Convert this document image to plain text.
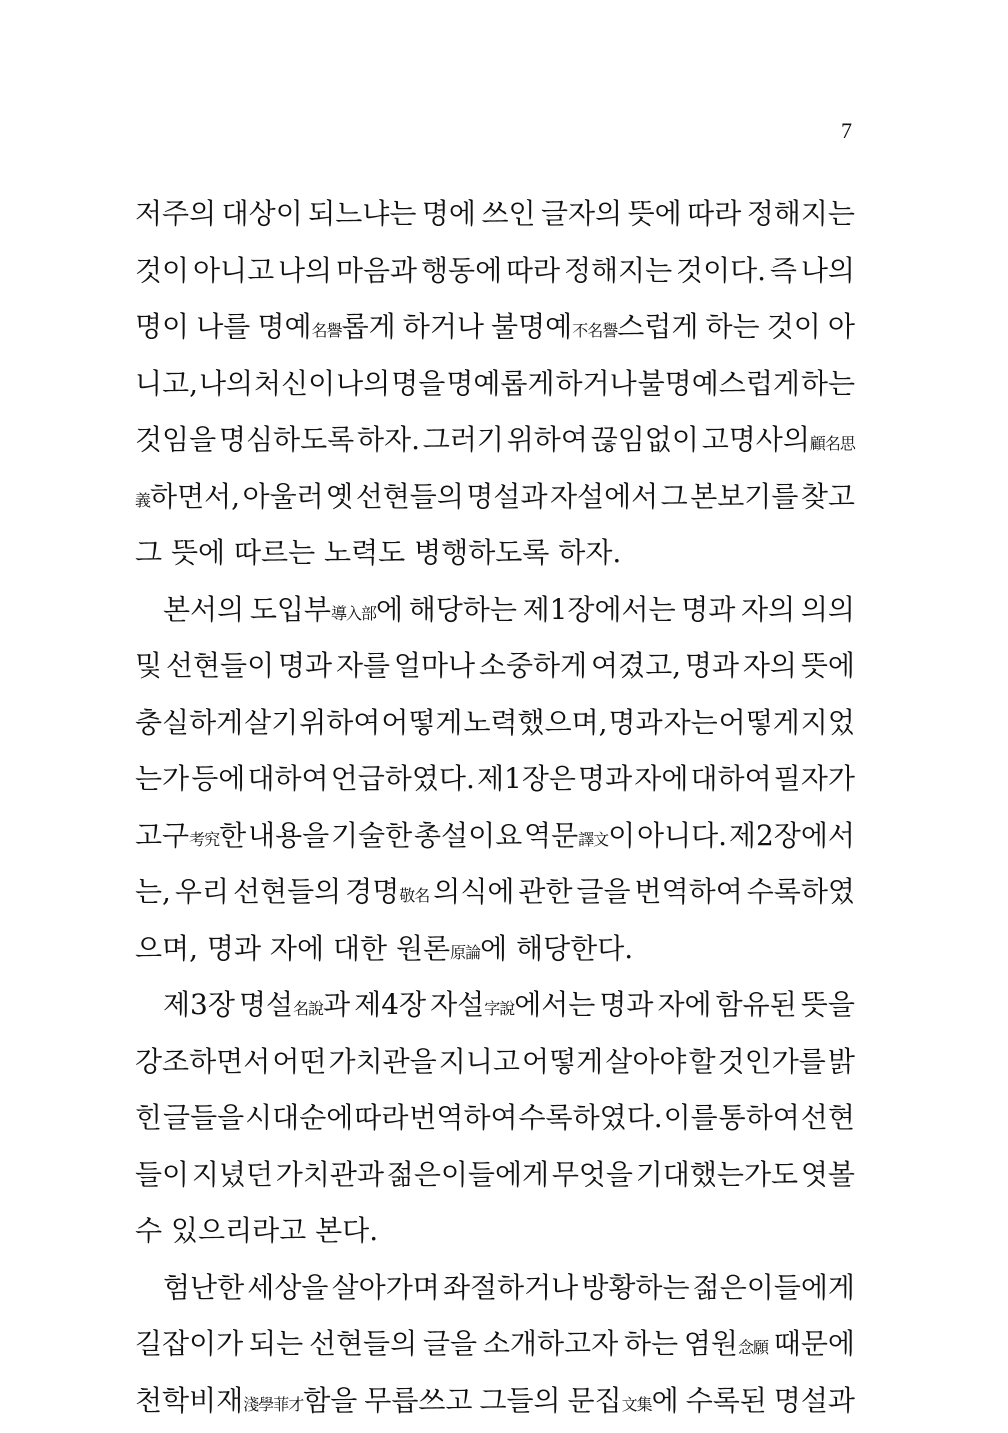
7
저주의 대상이 되느냐는 명에 쓰인 글자의 뜻에 따라 정해지는
것이 아니고 나의 마음과 행동에 따라 정해지는 것이다. 즉 나의
명이 나를 명예名譽롭게 하거나 불명예不名譽스럽게 하는 것이 아
니고, 나의 처신이 나의 명을 명예롭게 하거나 불명예스럽게 하는
것임을 명심하도록 하자. 그러기 위하여 끊임없이 고명사의顧名思
義하면서, 아울러 옛 선현들의 명설과 자설에서 그 본보기를 찾고
그
뜻에
따르는
노력도
병행하도록
하자.

본서의 도입부導入部에 해당하는 제1장에서는 명과 자의 의의
및 선현들이 명과 자를 얼마나 소중하게 여겼고, 명과 자의 뜻에
충실하게 살기 위하여 어떻게 노력했으며, 명과 자는 어떻게 지었
는가 등에 대하여 언급하였다. 제1장은 명과 자에 대하여 필자가
고구考究한 내용을 기술한 총설이요 역문譯文이 아니다. 제2장에서
는, 우리 선현들의 경명敬名 의식에 관한 글을 번역하여 수록하였
으며,
명과
자에
대한
원론原論에
해당한다.

제3장 명설名說과 제4장 자설字說에서는 명과 자에 함유된 뜻을
강조하면서 어떤 가치관을 지니고 어떻게 살아야 할 것인가를 밝
힌 글들을 시대순에 따라 번역하여 수록하였다. 이를 통하여 선현
들이 지녔던 가치관과 젊은이들에게 무엇을 기대했는가도 엿볼
수
있으리라고
본다.

험난한 세상을 살아가며 좌절하거나 방황하는 젊은이들에게
길잡이가 되는 선현들의 글을 소개하고자 하는 염원念願 때문에
천학비재淺學菲才함을 무릅쓰고 그들의 문집文集에 수록된 명설과
